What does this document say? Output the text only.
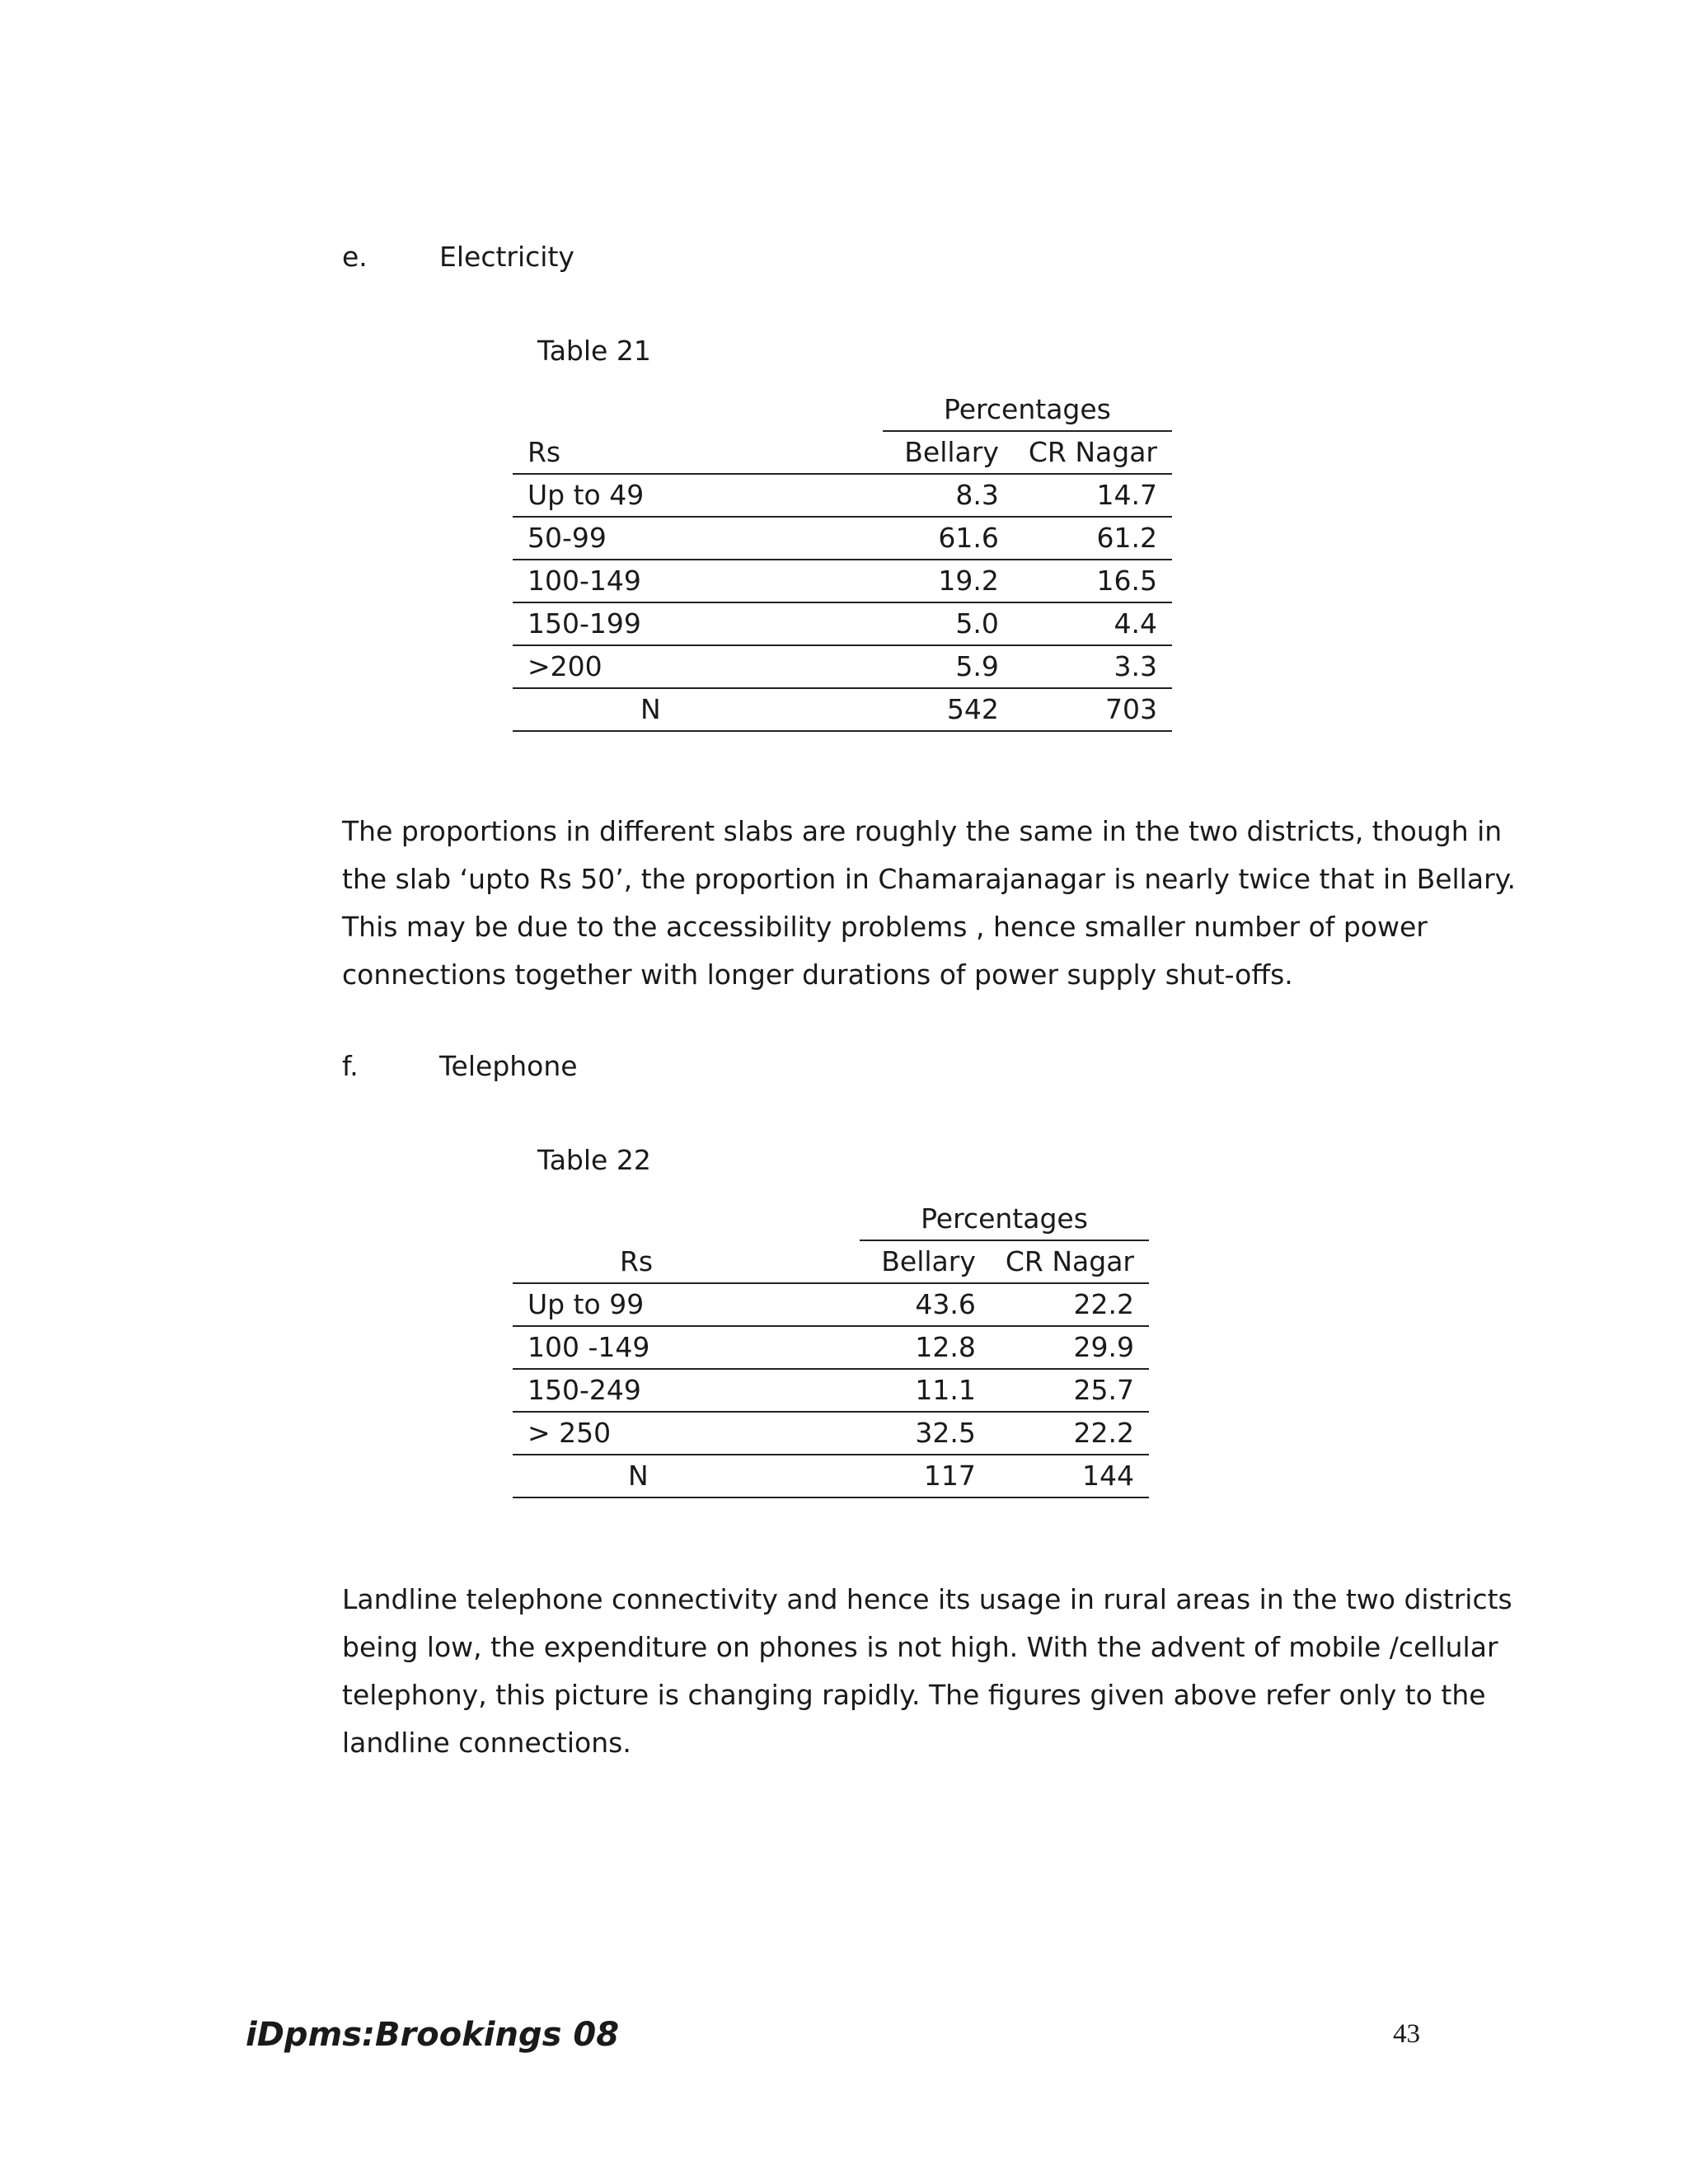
e.	Electricity
Table 21
	Percentages	
Rs	Bellary	CR Nagar
Up to 49	8.3	14.7
50-99	61.6	61.2
100-149	19.2	16.5
150-199	5.0	4.4
>200	5.9	3.3
N	542	703
The proportions in different slabs are roughly the same in the two districts, though in
the slab ‘upto Rs 50’, the proportion in Chamarajanagar is nearly twice that in Bellary.
This may be due to the accessibility problems , hence smaller number of power
connections together with longer durations of power supply shut-offs.
f.	Telephone
Table 22
	Percentages	
Rs	Bellary	CR Nagar
Up to 99	43.6	22.2
100 -149	12.8	29.9
150-249	11.1	25.7
> 250	32.5	22.2
N	117	144
Landline telephone connectivity and hence its usage in rural areas in the two districts
being low, the expenditure on phones is not high. With the advent of mobile /cellular
telephony, this picture is changing rapidly. The figures given above refer only to the
landline connections.
iDpms:Brookings 08	43
